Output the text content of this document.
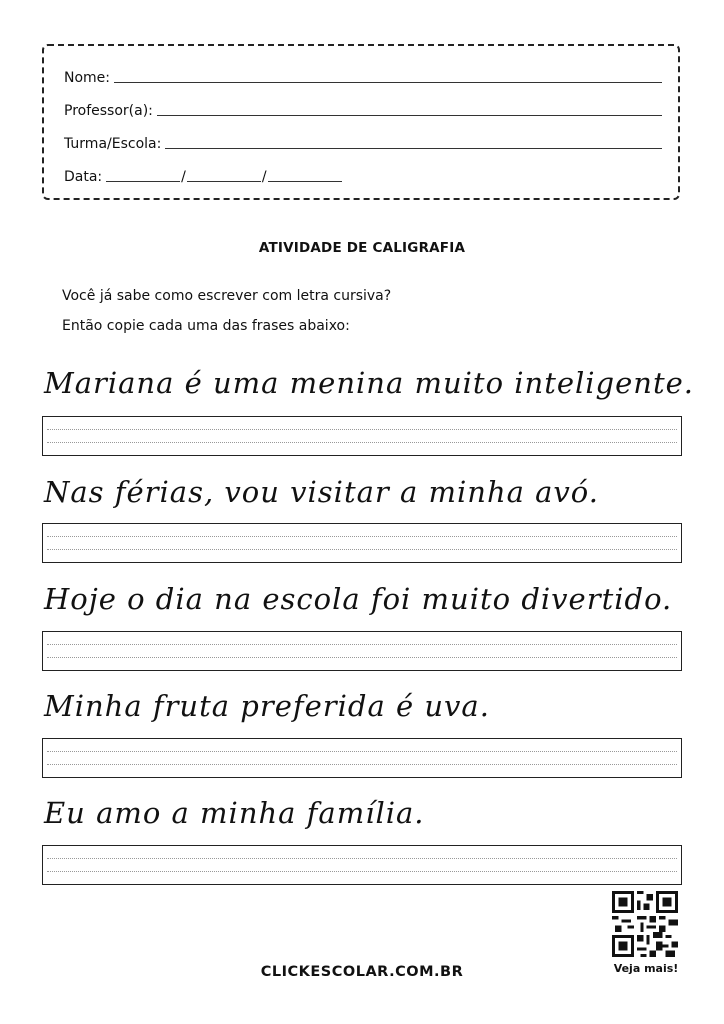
Nome:
Professor(a):
Turma/Escola:
Data:	/	/
ATIVIDADE DE CALIGRAFIA
Você já sabe como escrever com letra cursiva?
Então copie cada uma das frases abaixo:
Mariana é uma menina muito inteligente.
Nas férias, vou visitar a minha avó.
Hoje o dia na escola foi muito divertido.
Minha fruta preferida é uva.
Eu amo a minha família.
Veja mais!
CLICKESCOLAR.COM.BR
